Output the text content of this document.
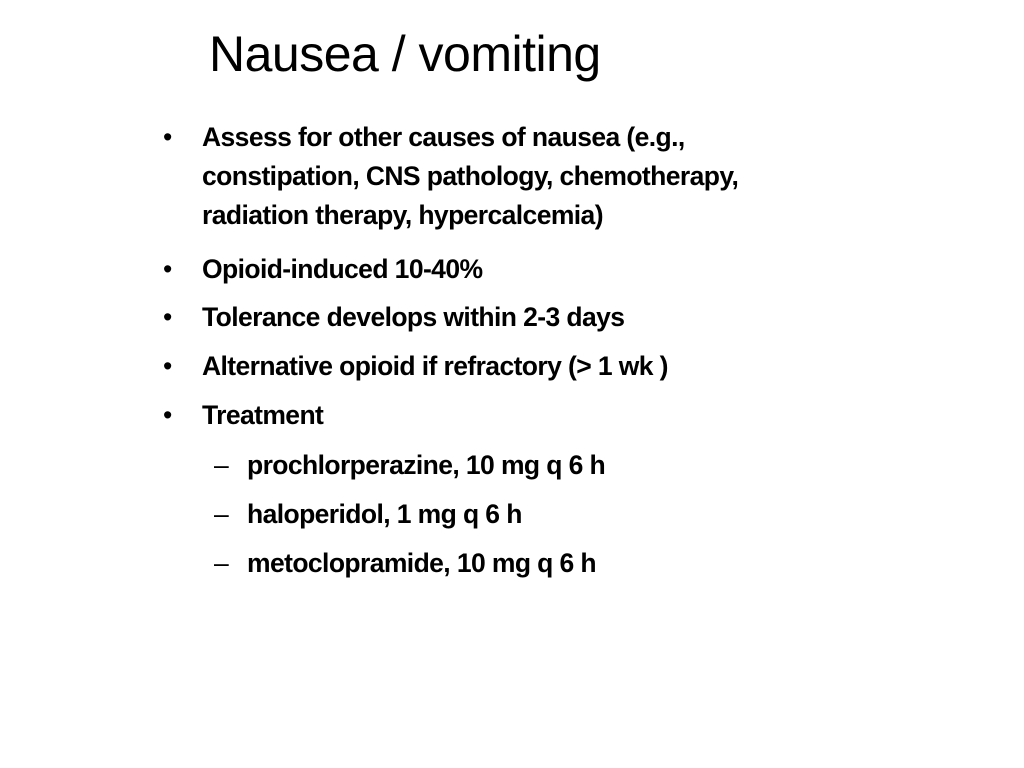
Nausea / vomiting
• Assess for other causes of nausea (e.g.,
constipation, CNS pathology, chemotherapy,
radiation therapy, hypercalcemia)
• Opioid-induced 10-40%
• Tolerance develops within 2-3 days
• Alternative opioid if refractory (> 1 wk )
• Treatment
– prochlorperazine, 10 mg q 6 h
– haloperidol, 1 mg q 6 h
– metoclopramide, 10 mg q 6 h
